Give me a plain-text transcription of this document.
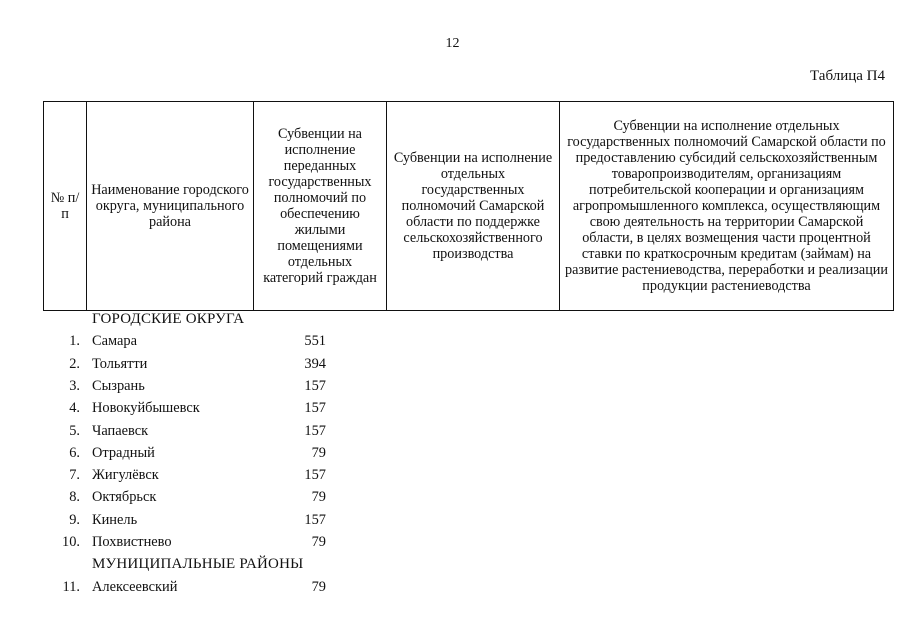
12
Таблица П4
№ п/п	Наименование городского округа, муниципального района	Субвенции на исполнение переданных государственных полномочий по обеспечению жилыми помещениями отдельных категорий граждан	Субвенции на исполнение отдельных государственных полномочий Самарской области по поддержке сельскохозяйственного производства	Субвенции на исполнение отдельных государственных полномочий Самарской области по предоставлению субсидий сельскохозяйственным товаропроизводителям, организациям потребительской кооперации и организациям агропромышленного комплекса, осуществляющим свою деятельность на территории Самарской области, в целях возмещения части процентной ставки по краткосрочным кредитам (займам) на развитие растениеводства, переработки и реализации продукции растениеводства
ГОРОДСКИЕ ОКРУГА
1. Самара	551
2. Тольятти	394
3. Сызрань	157
4. Новокуйбышевск	157
5. Чапаевск	157
6. Отрадный	79
7. Жигулёвск	157
8. Октябрьск	79
9. Кинель	157
10. Похвистнево	79
МУНИЦИПАЛЬНЫЕ РАЙОНЫ
11. Алексеевский	79
